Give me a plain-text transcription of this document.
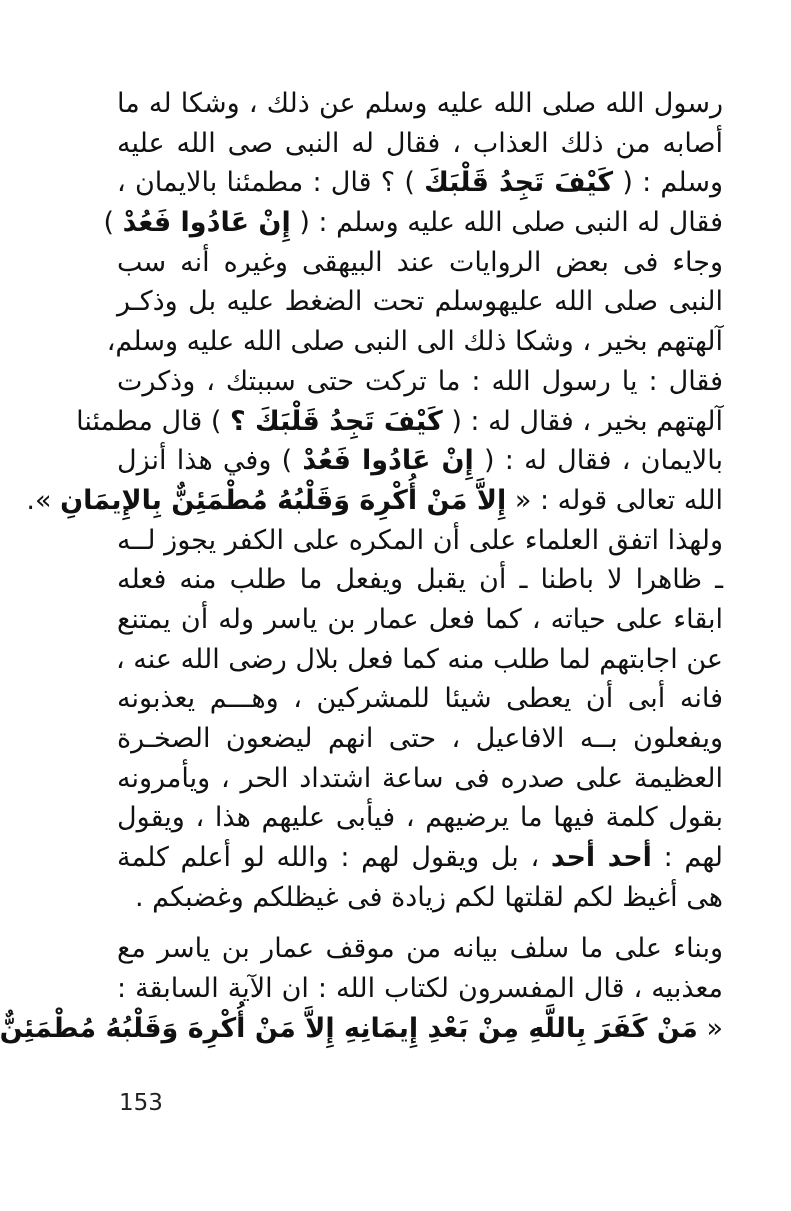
رسول الله صلى الله عليه وسلم عن ذلك ، وشكا له ما
أصابه من ذلك العذاب ، فقال له النبى صى الله عليه
وسلم : ( كَيْفَ تَجِدُ قَلْبَكَ ) ؟ قال : مطمئنا بالايمان ،
فقال له النبى صلى الله عليه وسلم : ( إِنْ عَادُوا فَعُدْ )
وجاء فى بعض الروايات عند البيهقى وغيره أنه سب
النبى صلى الله عليهوسلم تحت الضغط عليه بل وذكـر
آلهتهم بخير ، وشكا ذلك الى النبى صلى الله عليه وسلم،
فقال : يا رسول الله : ما تركت حتى سببتك ، وذكرت
آلهتهم بخير ، فقال له : ( كَيْفَ تَجِدُ قَلْبَكَ ؟ ) قال مطمئنا
بالايمان ، فقال له : ( إِنْ عَادُوا فَعُدْ ) وفي هذا أنزل
الله تعالى قوله : « إِلاَّ مَنْ أُكْرِهَ وَقَلْبُهُ مُطْمَئِنٌّ بِالإِيمَانِ ».
ولهذا اتفق العلماء على أن المكره على الكفر يجوز لــه
ـ ظاهرا لا باطنا ـ أن يقبل ويفعل ما طلب منه فعله
ابقاء على حياته ، كما فعل عمار بن ياسر وله أن يمتنع
عن اجابتهم لما طلب منه كما فعل بلال رضى الله عنه ،
فانه أبى أن يعطى شيئا للمشركين ، وهـــم يعذبونه
ويفعلون بــه الافاعيل ، حتى انهم ليضعون الصخـرة
العظيمة على صدره فى ساعة اشتداد الحر ، ويأمرونه
بقول كلمة فيها ما يرضيهم ، فيأبى عليهم هذا ، ويقول
لهم : أحد أحد ، بل ويقول لهم : والله لو أعلم كلمة
هى أغيظ لكم لقلتها لكم زيادة فى غيظلكم وغضبكم .
وبناء على ما سلف بيانه من موقف عمار بن ياسر مع
معذبيه ، قال المفسرون لكتاب الله : ان الآية السابقة :
« مَنْ كَفَرَ بِاللَّهِ مِنْ بَعْدِ إِيمَانِهِ إِلاَّ مَنْ أُكْرِهَ وَقَلْبُهُ مُطْمَئِنٌّ
153
